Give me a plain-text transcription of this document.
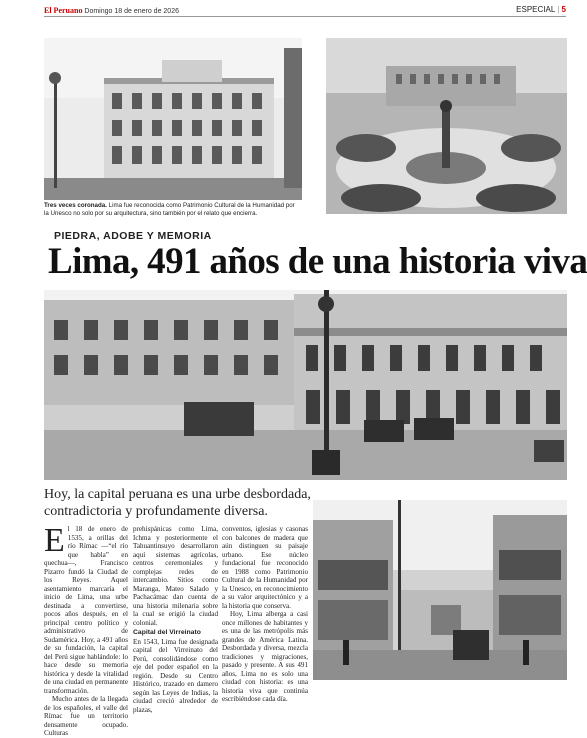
El Peruano Domingo 18 de enero de 2026	ESPECIAL | 5
Tres veces coronada. Lima fue reconocida como Patrimonio Cultural de la Humanidad por la Unesco no solo por su arquitectura, sino también por el relato que encierra.
PIEDRA, ADOBE Y MEMORIA
Lima, 491 años de una historia viva
Hoy, la capital peruana es una urbe desbordada, contradictoria y profundamente diversa.

El 18 de enero de 1535, a orillas del río Rímac —“el río que habla” en quechua—, Francisco Pizarro fundó la Ciudad de los Reyes. Aquel asentamiento marcaría el inicio de Lima, una urbe destinada a convertirse, pocos años después, en el principal centro político y administrativo de Sudamérica. Hoy, a 491 años de su fundación, la capital del Perú sigue hablándole: lo hace desde su memoria histórica y desde la vitalidad de una ciudad en permanente transformación.

Mucho antes de la llegada de los españoles, el valle del Rímac fue un territorio densamente ocupado. Culturas

prehispánicas como Lima, Ichma y posteriormente el Tahuantinsuyo desarrollaron aquí sistemas agrícolas, centros ceremoniales y complejas redes de intercambio. Sitios como Maranga, Mateo Salado y Pachacámac dan cuenta de una historia milenaria sobre la cual se erigió la ciudad colonial.

Capital del Virreinato

En 1543, Lima fue designada capital del Virreinato del Perú, consolidándose como eje del poder español en la región. Desde su Centro Histórico, trazado en damero según las Leyes de Indias, la ciudad creció alrededor de plazas,

conventos, iglesias y casonas con balcones de madera que aún distinguen su paisaje urbano. Ese núcleo fundacional fue reconocido en 1988 como Patrimonio Cultural de la Humanidad por la Unesco, en reconocimiento a su valor arquitectónico y a la historia que conserva.

Hoy, Lima alberga a casi once millones de habitantes y es una de las metrópolis más grandes de América Latina. Desbordada y diversa, mezcla tradiciones y migraciones, pasado y presente. A sus 491 años, Lima no es solo una ciudad con historia: es una historia viva que continúa escribiéndose cada día.
